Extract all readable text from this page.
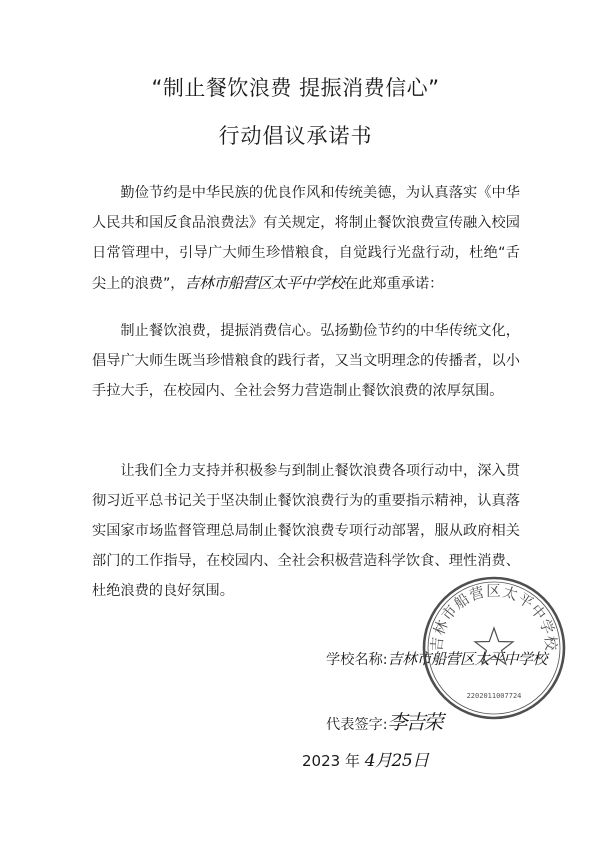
“制止餐饮浪费 提振消费信心”
行动倡议承诺书
勤俭节约是中华民族的优良作风和传统美德，为认真落实《中华人民共和国反食品浪费法》有关规定，将制止餐饮浪费宣传融入校园日常管理中，引导广大师生珍惜粮食，自觉践行光盘行动，杜绝“舌尖上的浪费”，吉林市船营区太平中学校在此郑重承诺：
制止餐饮浪费，提振消费信心。弘扬勤俭节约的中华传统文化，倡导广大师生既当珍惜粮食的践行者，又当文明理念的传播者，以小手拉大手，在校园内、全社会努力营造制止餐饮浪费的浓厚氛围。
让我们全力支持并积极参与到制止餐饮浪费各项行动中，深入贯彻习近平总书记关于坚决制止餐饮浪费行为的重要指示精神，认真落实国家市场监督管理总局制止餐饮浪费专项行动部署，服从政府相关部门的工作指导，在校园内、全社会积极营造科学饮食、理性消费、杜绝浪费的良好氛围。
学校名称:吉林市船营区太平中学校
代表签字:李吉荣
2023 年 4月25日
吉林市船营区太平中学校
2202011007724
